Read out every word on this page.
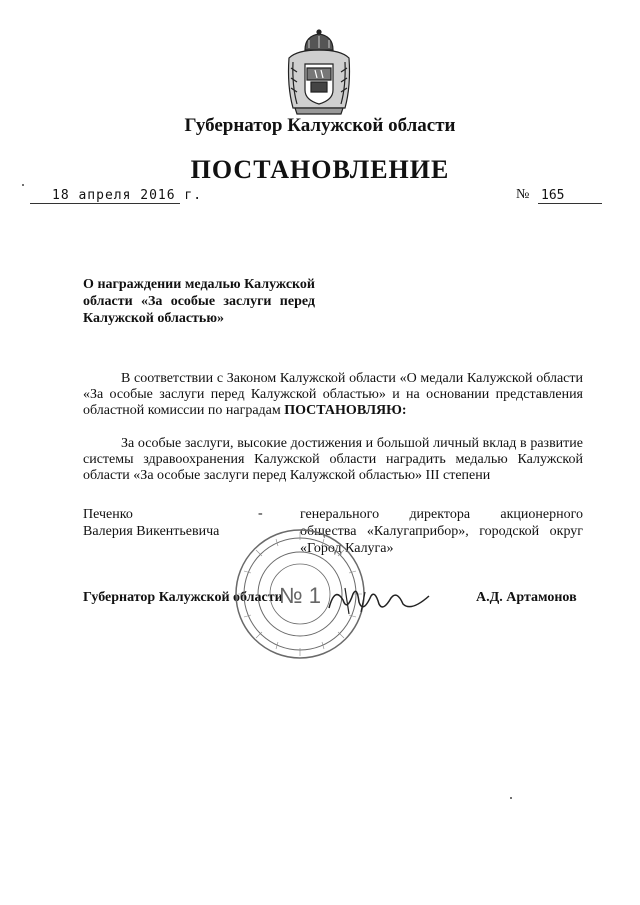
Губернатор Калужской области
ПОСТАНОВЛЕНИЕ
18 апреля 2016 г.	№ 165
О награждении медалью Калужской области «За особые заслуги перед Калужской областью»

В соответствии с Законом Калужской области «О медали Калужской области «За особые заслуги перед Калужской областью» и на основании представления областной комиссии по наградам ПОСТАНОВЛЯЮ:

За особые заслуги, высокие достижения и большой личный вклад в развитие системы здравоохранения Калужской области наградить медалью Калужской области «За особые заслуги перед Калужской областью» III степени

Печенко
Валерия Викентьевича
-	генерального директора акционерного общества «Калугаприбор», городской округ «Город Калуга»
Губернатор Калужской области	А.Д. Артамонов
№ 1
